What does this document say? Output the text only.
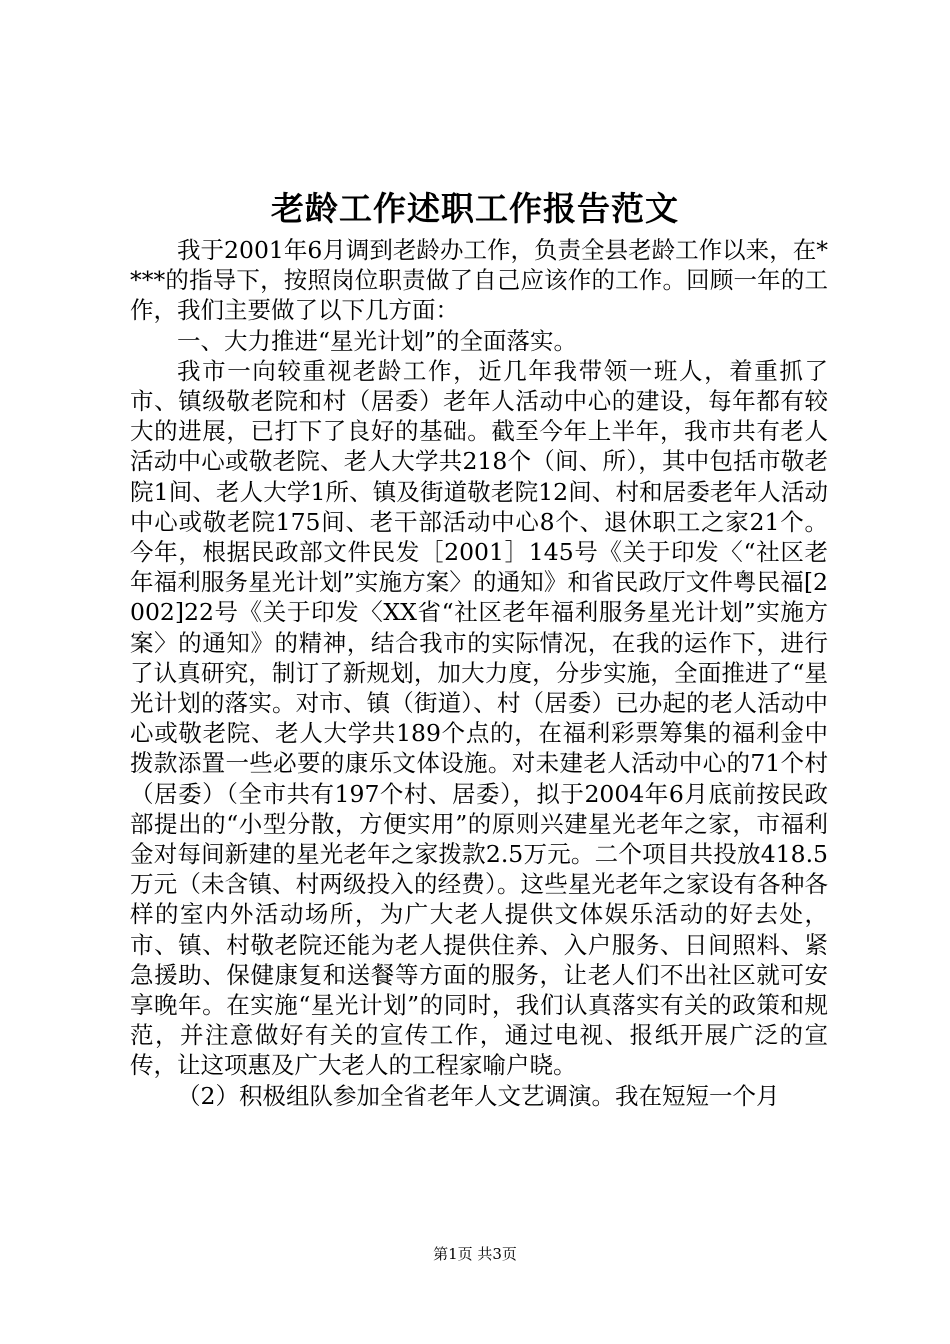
老龄工作述职工作报告范文

我于2001年6月调到老龄办工作，负责全县老龄工作以来，在****的指导下，按照岗位职责做了自己应该作的工作。回顾一年的工作，我们主要做了以下几方面：

一、大力推进“星光计划”的全面落实。

我市一向较重视老龄工作，近几年我带领一班人，着重抓了市、镇级敬老院和村（居委）老年人活动中心的建设，每年都有较大的进展，已打下了良好的基础。截至今年上半年，我市共有老人活动中心或敬老院、老人大学共218个（间、所），其中包括市敬老院1间、老人大学1所、镇及街道敬老院12间、村和居委老年人活动中心或敬老院175间、老干部活动中心8个、退休职工之家21个。今年，根据民政部文件民发［2001］145号《关于印发〈“社区老年福利服务星光计划”实施方案〉的通知》和省民政厅文件粤民福[2002]22号《关于印发〈XX省“社区老年福利服务星光计划”实施方案〉的通知》的精神，结合我市的实际情况，在我的运作下，进行了认真研究，制订了新规划，加大力度，分步实施，全面推进了“星光计划的落实。对市、镇（街道）、村（居委）已办起的老人活动中心或敬老院、老人大学共189个点的，在福利彩票筹集的福利金中拨款添置一些必要的康乐文体设施。对未建老人活动中心的71个村（居委）（全市共有197个村、居委），拟于2004年6月底前按民政部提出的“小型分散，方便实用”的原则兴建星光老年之家，市福利金对每间新建的星光老年之家拨款2.5万元。二个项目共投放418.5万元（未含镇、村两级投入的经费）。这些星光老年之家设有各种各样的室内外活动场所，为广大老人提供文体娱乐活动的好去处，市、镇、村敬老院还能为老人提供住养、入户服务、日间照料、紧急援助、保健康复和送餐等方面的服务，让老人们不出社区就可安享晚年。在实施“星光计划”的同时，我们认真落实有关的政策和规范，并注意做好有关的宣传工作，通过电视、报纸开展广泛的宣传，让这项惠及广大老人的工程家喻户晓。

（2）积极组队参加全省老年人文艺调演。我在短短一个月

第1页 共3页
